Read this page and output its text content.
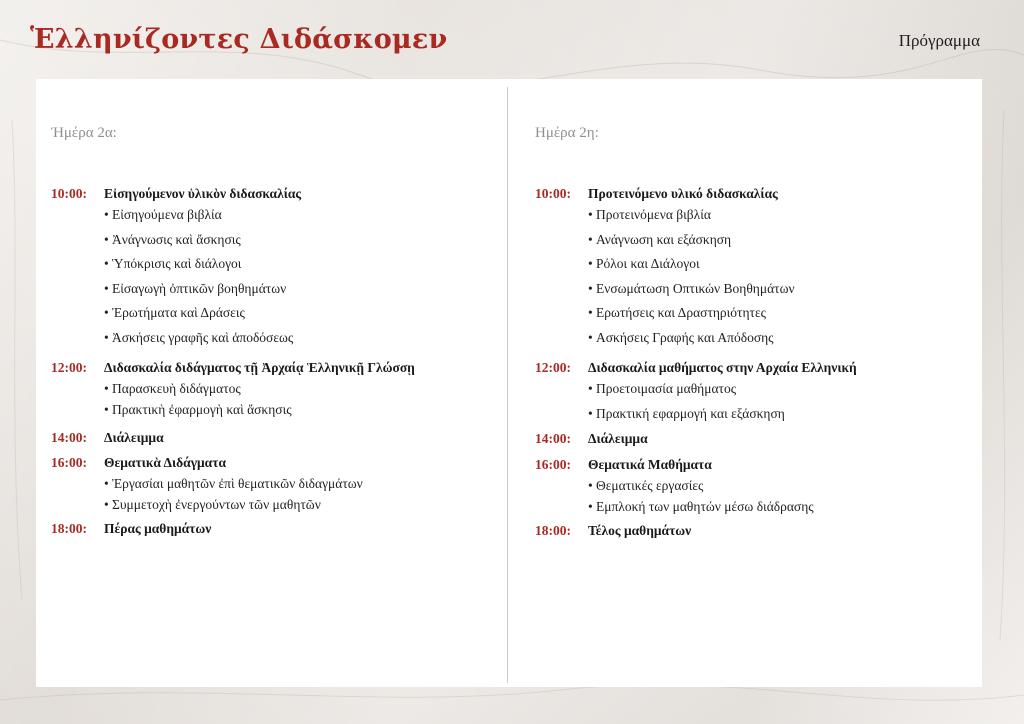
Ἑλληνίζοντες Διδάσκομεν	Πρόγραμμα
Ἡμέρα 2α:
10:00: Εἰσηγούμενον ὑλικὸν διδασκαλίας
• Εἰσηγούμενα βιβλία
• Ἀνάγνωσις καὶ ἄσκησις
• Ὑπόκρισις καὶ διάλογοι
• Εἰσαγωγὴ ὀπτικῶν βοηθημάτων
• Ἐρωτήματα καὶ Δράσεις
• Ἀσκήσεις γραφῆς καὶ ἀποδόσεως
12:00: Διδασκαλία διδάγματος τῇ Ἀρχαίᾳ Ἑλληνικῇ Γλώσσῃ
• Παρασκευὴ διδάγματος
• Πρακτικὴ ἐφαρμογὴ καὶ ἄσκησις
14:00: Διάλειμμα
16:00: Θεματικὰ Διδάγματα
• Ἐργασίαι μαθητῶν ἐπὶ θεματικῶν διδαγμάτων
• Συμμετοχὴ ἐνεργούντων τῶν μαθητῶν
18:00: Πέρας μαθημάτων
Ημέρα 2η:
10:00: Προτεινόμενο υλικό διδασκαλίας
• Προτεινόμενα βιβλία
• Ανάγνωση και εξάσκηση
• Ρόλοι και Διάλογοι
• Ενσωμάτωση Οπτικών Βοηθημάτων
• Ερωτήσεις και Δραστηριότητες
• Ασκήσεις Γραφής και Απόδοσης
12:00: Διδασκαλία μαθήματος στην Αρχαία Ελληνική
• Προετοιμασία μαθήματος
• Πρακτική εφαρμογή και εξάσκηση
14:00: Διάλειμμα
16:00: Θεματικά Μαθήματα
• Θεματικές εργασίες
• Εμπλοκή των μαθητών μέσω διάδρασης
18:00: Τέλος μαθημάτων
